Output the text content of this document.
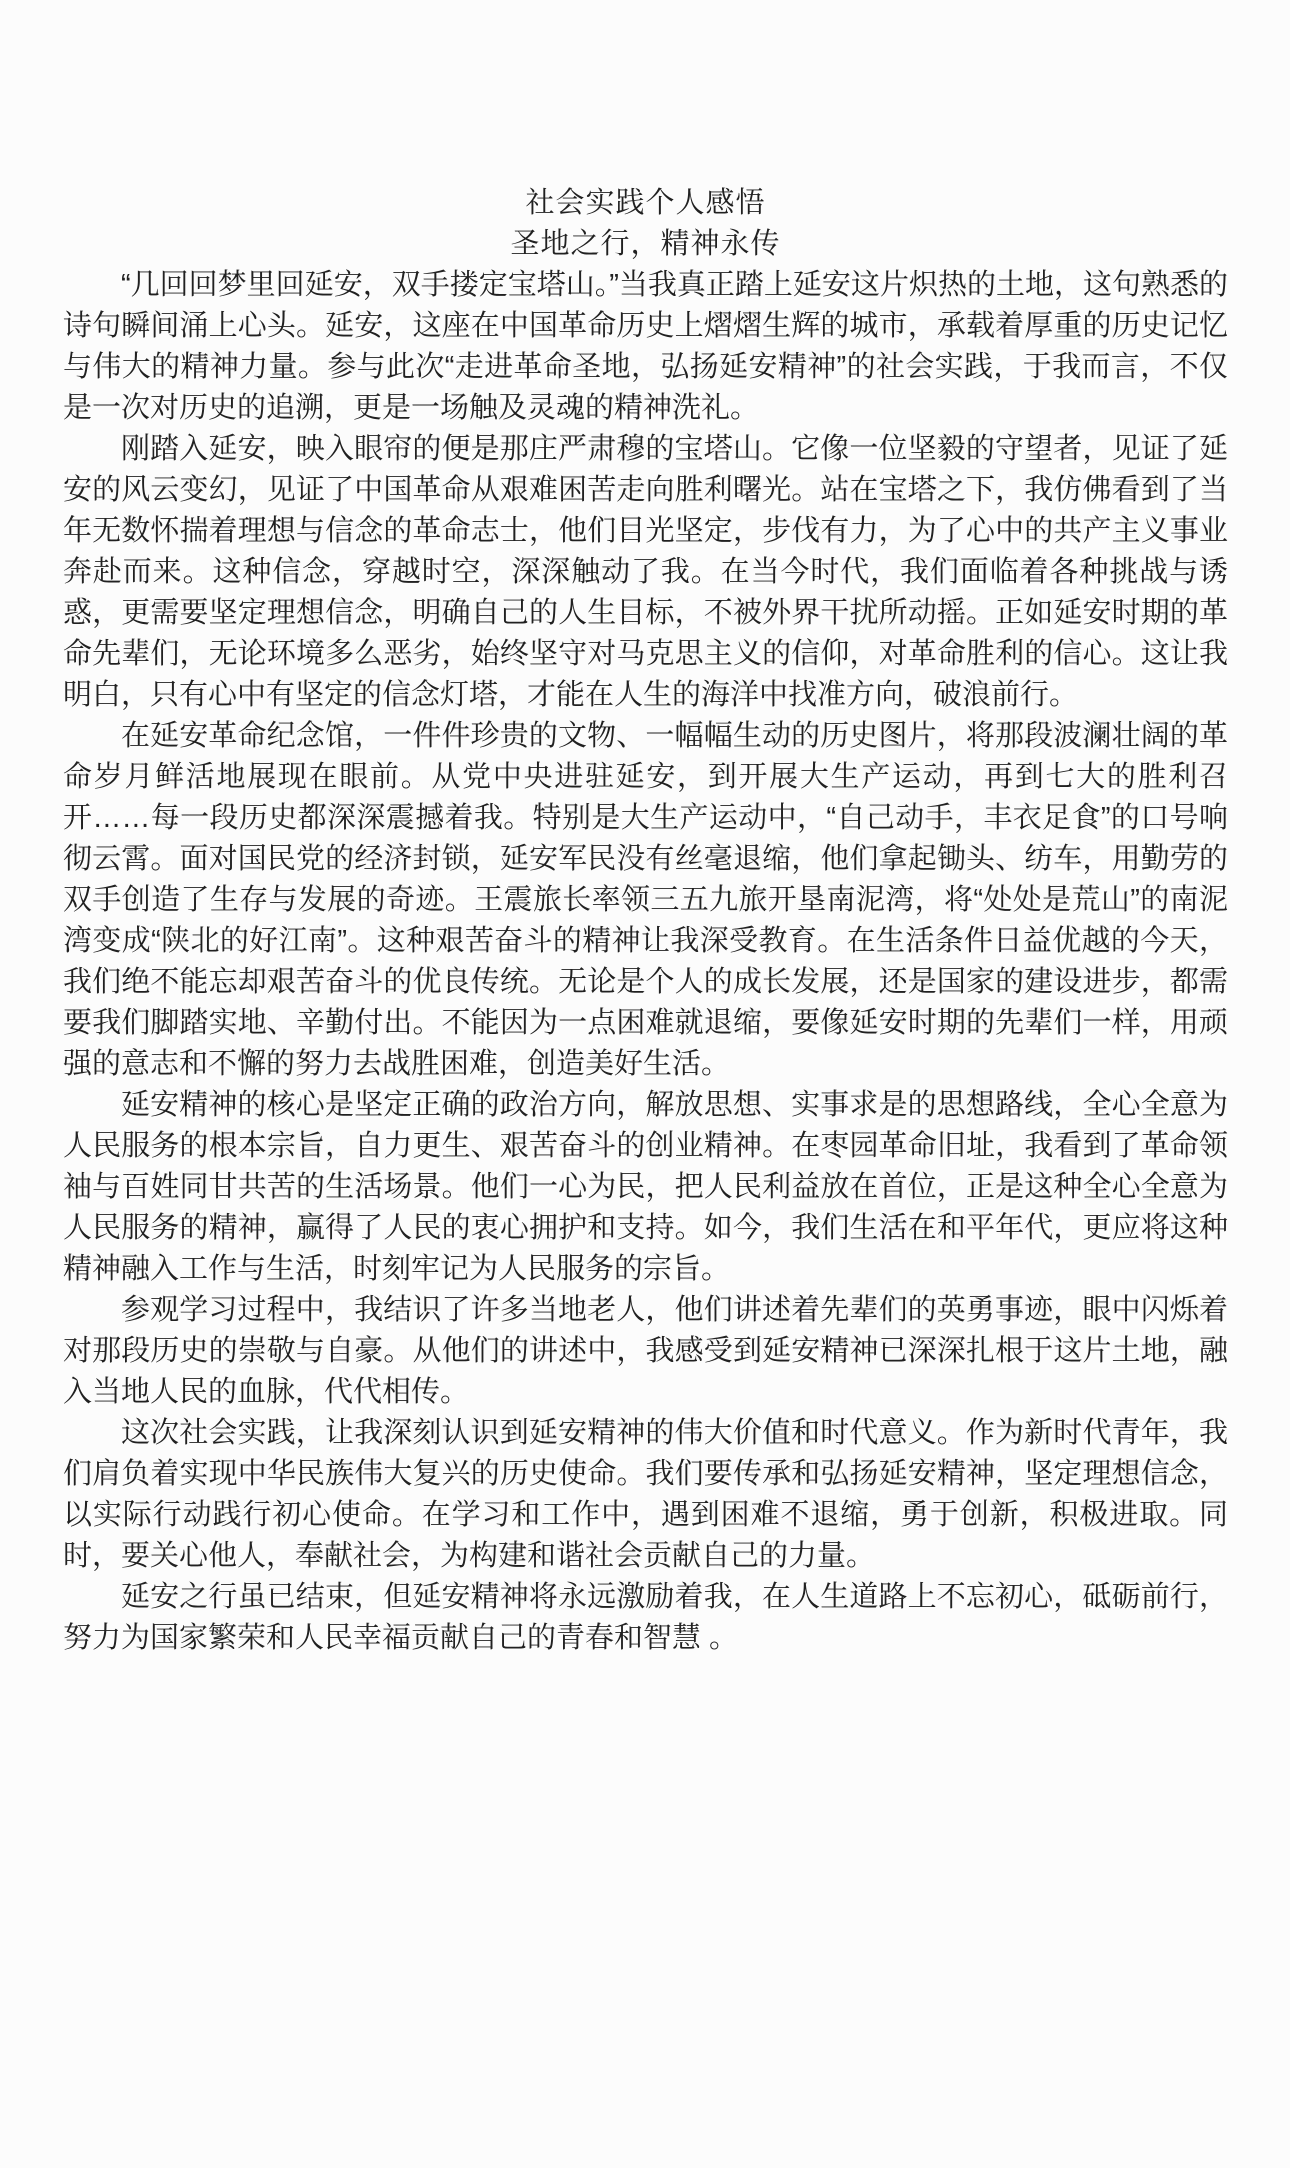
社会实践个人感悟
圣地之行，精神永传

“几回回梦里回延安，双手搂定宝塔山。”当我真正踏上延安这片炽热的土地，这句熟悉的诗句瞬间涌上心头。延安，这座在中国革命历史上熠熠生辉的城市，承载着厚重的历史记忆与伟大的精神力量。参与此次“走进革命圣地，弘扬延安精神”的社会实践，于我而言，不仅是一次对历史的追溯，更是一场触及灵魂的精神洗礼。

刚踏入延安，映入眼帘的便是那庄严肃穆的宝塔山。它像一位坚毅的守望者，见证了延安的风云变幻，见证了中国革命从艰难困苦走向胜利曙光。站在宝塔之下，我仿佛看到了当年无数怀揣着理想与信念的革命志士，他们目光坚定，步伐有力，为了心中的共产主义事业奔赴而来。这种信念，穿越时空，深深触动了我。在当今时代，我们面临着各种挑战与诱惑，更需要坚定理想信念，明确自己的人生目标，不被外界干扰所动摇。正如延安时期的革命先辈们，无论环境多么恶劣，始终坚守对马克思主义的信仰，对革命胜利的信心。这让我明白，只有心中有坚定的信念灯塔，才能在人生的海洋中找准方向，破浪前行。

在延安革命纪念馆，一件件珍贵的文物、一幅幅生动的历史图片，将那段波澜壮阔的革命岁月鲜活地展现在眼前。从党中央进驻延安，到开展大生产运动，再到七大的胜利召开……每一段历史都深深震撼着我。特别是大生产运动中，“自己动手，丰衣足食”的口号响彻云霄。面对国民党的经济封锁，延安军民没有丝毫退缩，他们拿起锄头、纺车，用勤劳的双手创造了生存与发展的奇迹。王震旅长率领三五九旅开垦南泥湾，将“处处是荒山”的南泥湾变成“陕北的好江南”。这种艰苦奋斗的精神让我深受教育。在生活条件日益优越的今天，我们绝不能忘却艰苦奋斗的优良传统。无论是个人的成长发展，还是国家的建设进步，都需要我们脚踏实地、辛勤付出。不能因为一点困难就退缩，要像延安时期的先辈们一样，用顽强的意志和不懈的努力去战胜困难，创造美好生活。

延安精神的核心是坚定正确的政治方向，解放思想、实事求是的思想路线，全心全意为人民服务的根本宗旨，自力更生、艰苦奋斗的创业精神。在枣园革命旧址，我看到了革命领袖与百姓同甘共苦的生活场景。他们一心为民，把人民利益放在首位，正是这种全心全意为人民服务的精神，赢得了人民的衷心拥护和支持。如今，我们生活在和平年代，更应将这种精神融入工作与生活，时刻牢记为人民服务的宗旨。

参观学习过程中，我结识了许多当地老人，他们讲述着先辈们的英勇事迹，眼中闪烁着对那段历史的崇敬与自豪。从他们的讲述中，我感受到延安精神已深深扎根于这片土地，融入当地人民的血脉，代代相传。

这次社会实践，让我深刻认识到延安精神的伟大价值和时代意义。作为新时代青年，我们肩负着实现中华民族伟大复兴的历史使命。我们要传承和弘扬延安精神，坚定理想信念，以实际行动践行初心使命。在学习和工作中，遇到困难不退缩，勇于创新，积极进取。同时，要关心他人，奉献社会，为构建和谐社会贡献自己的力量。

延安之行虽已结束，但延安精神将永远激励着我，在人生道路上不忘初心，砥砺前行，努力为国家繁荣和人民幸福贡献自己的青春和智慧 。
